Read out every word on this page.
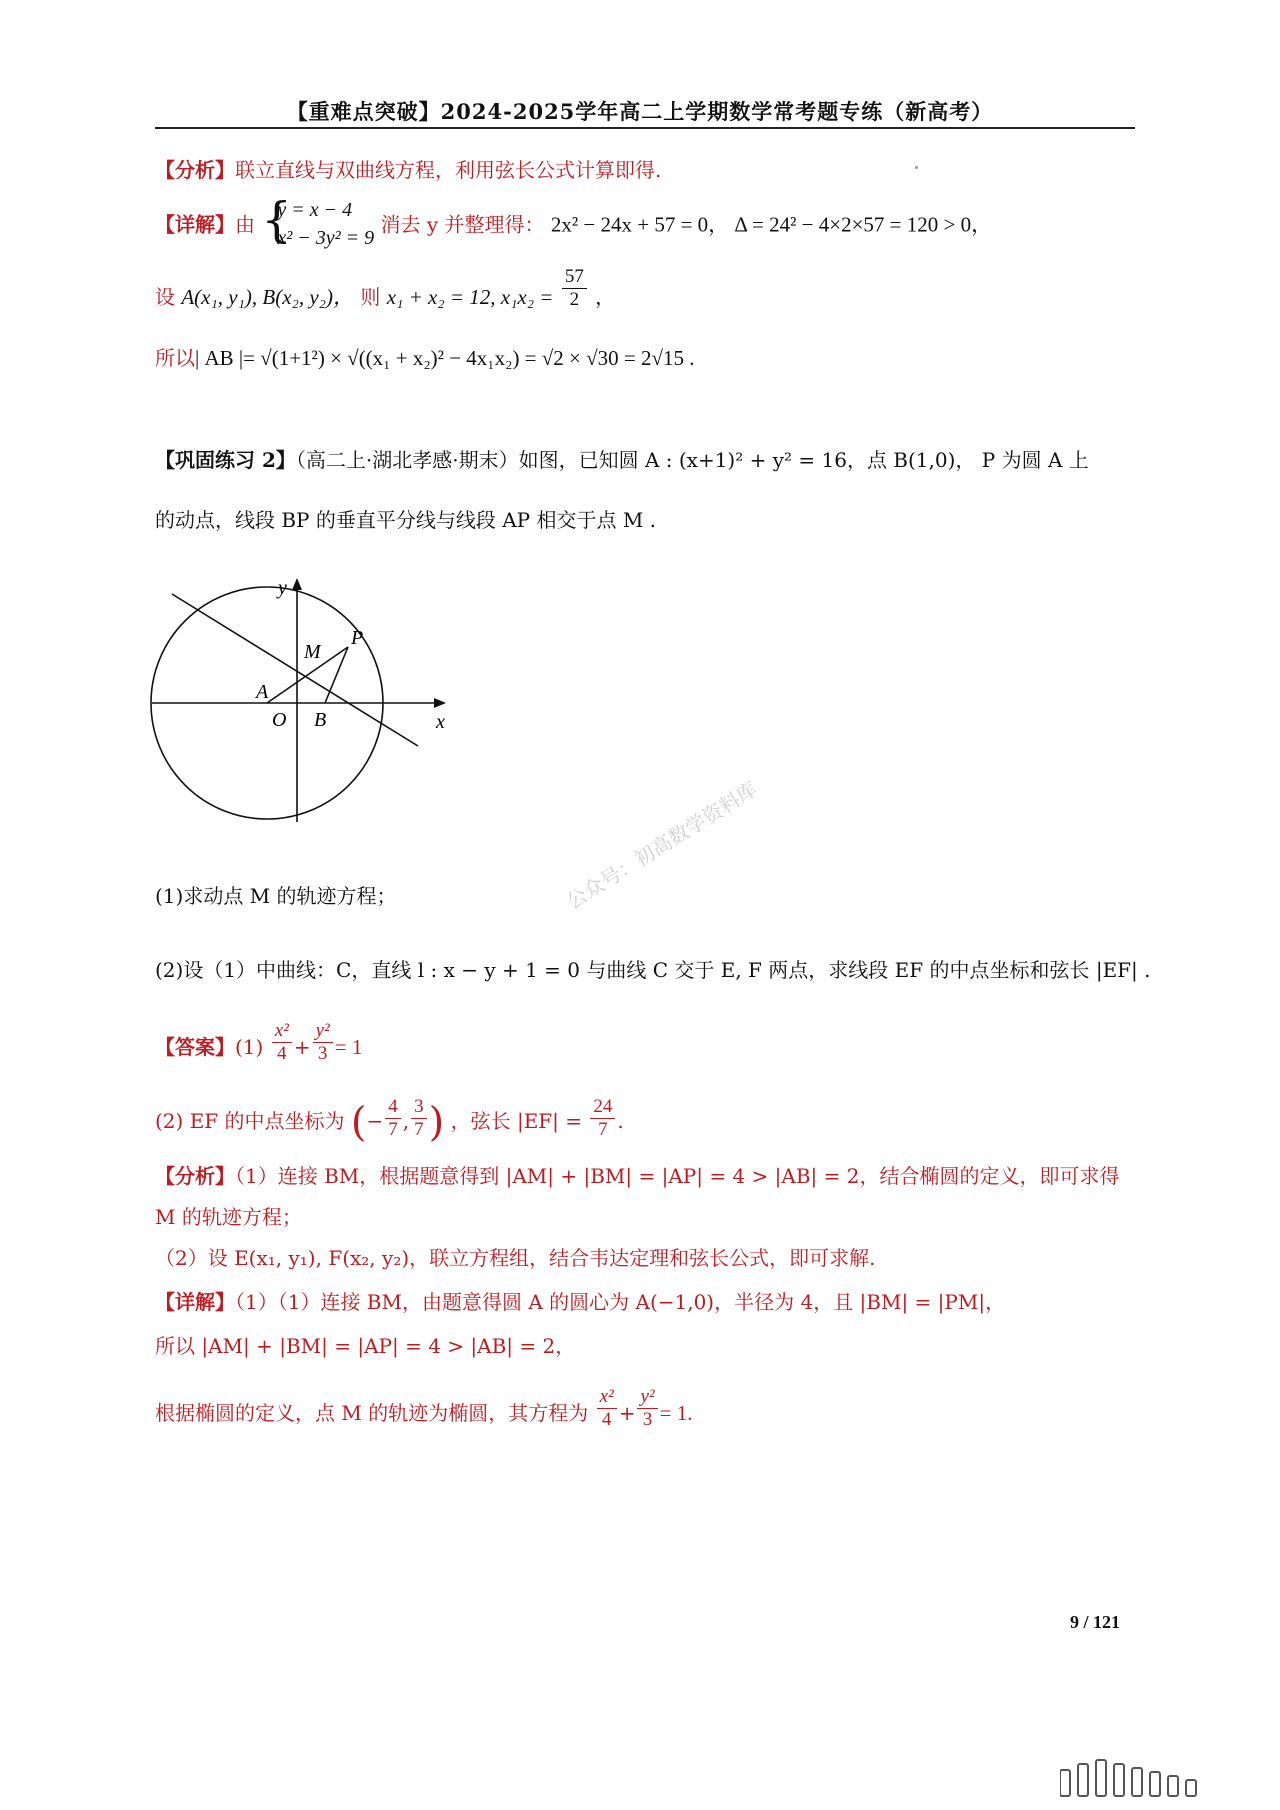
【重难点突破】2024-2025学年高二上学期数学常考题专练（新高考）
【分析】联立直线与双曲线方程，利用弦长公式计算即得.
【详解】由 {
y = x − 4
x² − 3y² = 9
消去 y 并整理得： 2x² − 24x + 57 = 0， Δ = 24² − 4×2×57 = 120 > 0，
设 A(x₁, y₁), B(x₂, y₂)， 则 x₁ + x₂ = 12, $x_1x_2 = \frac{57}{2}$ ，
所以| AB |= √(1+1²) × √((x₁ + x₂)² − 4x₁x₂) = √2 × √30 = 2√15 .
【巩固练习 2】（高二上·湖北孝感·期末）如图，已知圆 A : (x+1)² + y² = 16，点 B(1,0)， P 为圆 A 上
的动点，线段 BP 的垂直平分线与线段 AP 相交于点 M .
y
x
M
P
A
O B
公众号：初高数学资料库
(1)求动点 M 的轨迹方程；
(2)设（1）中曲线：C，直线 l : x − y + 1 = 0 与曲线 C 交于 E, F 两点，求线段 EF 的中点坐标和弦长 |EF| .
【答案】$(1) \frac{\text{x²}}{4} + \frac{\text{y²}}{3} = 1$
(2) EF 的中点坐标为 (− $\frac{4}{7}$ , $\frac{3}{7}$ ) ，弦长 $|EF| = \frac{24}{7}$ .
【分析】（1）连接 BM，根据题意得到 |AM| + |BM| = |AP| = 4 > |AB| = 2，结合椭圆的定义，即可求得
M 的轨迹方程；
（2）设 E(x₁, y₁), F(x₂, y₂)，联立方程组，结合韦达定理和弦长公式，即可求解.
【详解】（1）（1）连接 BM，由题意得圆 A 的圆心为 A(−1,0)，半径为 4，且 |BM| = |PM|，
所以 |AM| + |BM| = |AP| = 4 > |AB| = 2，
根据椭圆的定义，点 M 的轨迹为椭圆，其方程为 $\frac{\text{x²}}{4} + \frac{\text{y²}}{3} = 1$.
9 / 121
